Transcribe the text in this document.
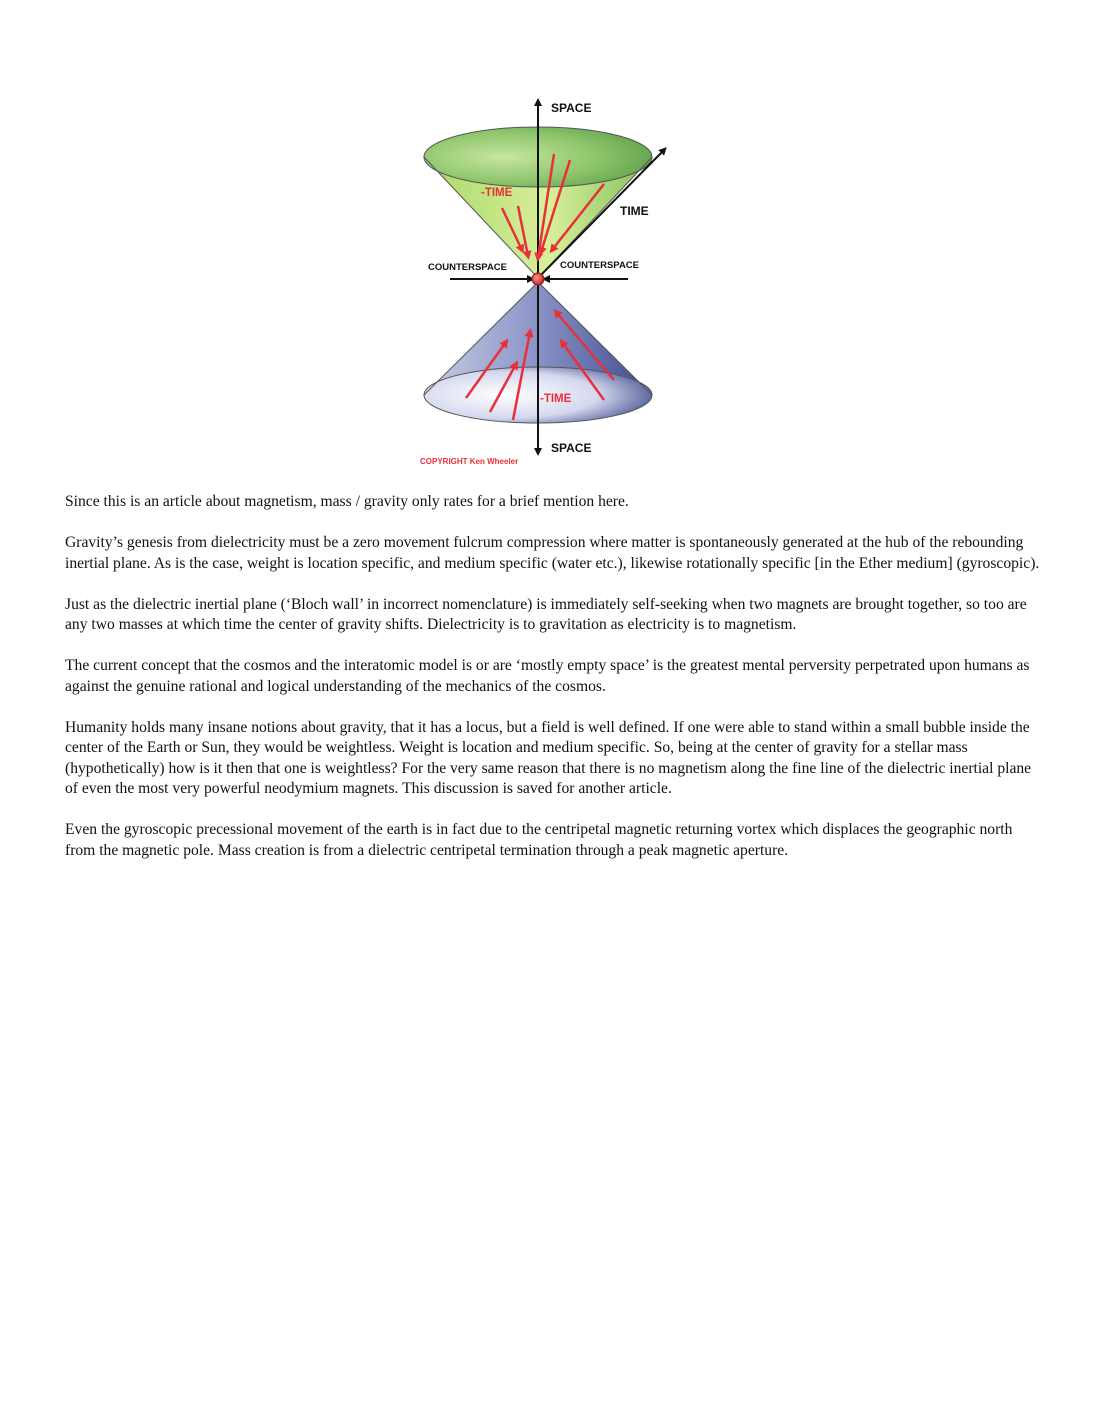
SPACE
SPACE
TIME
-TIME
-TIME
COUNTERSPACE	COUNTERSPACE
COPYRIGHT Ken Wheeler

Since this is an article about magnetism, mass / gravity only rates for a brief mention here.

Gravity’s genesis from dielectricity must be a zero movement fulcrum compression where matter is spontaneously generated at the hub of the rebounding inertial plane. As is the case, weight is location specific, and medium specific (water etc.), likewise rotationally specific [in the Ether medium] (gyroscopic).

Just as the dielectric inertial plane (‘Bloch wall’ in incorrect nomenclature) is immediately self-seeking when two magnets are brought together, so too are any two masses at which time the center of gravity shifts. Dielectricity is to gravitation as electricity is to magnetism.

The current concept that the cosmos and the interatomic model is or are ‘mostly empty space’ is the greatest mental perversity perpetrated upon humans as against the genuine rational and logical understanding of the mechanics of the cosmos.

Humanity holds many insane notions about gravity, that it has a locus, but a field is well defined. If one were able to stand within a small bubble inside the center of the Earth or Sun, they would be weightless. Weight is location and medium specific. So, being at the center of gravity for a stellar mass (hypothetically) how is it then that one is weightless? For the very same reason that there is no magnetism along the fine line of the dielectric inertial plane of even the most very powerful neodymium magnets. This discussion is saved for another article.

Even the gyroscopic precessional movement of the earth is in fact due to the centripetal magnetic returning vortex which displaces the geographic north from the magnetic pole. Mass creation is from a dielectric centripetal termination through a peak magnetic aperture.
